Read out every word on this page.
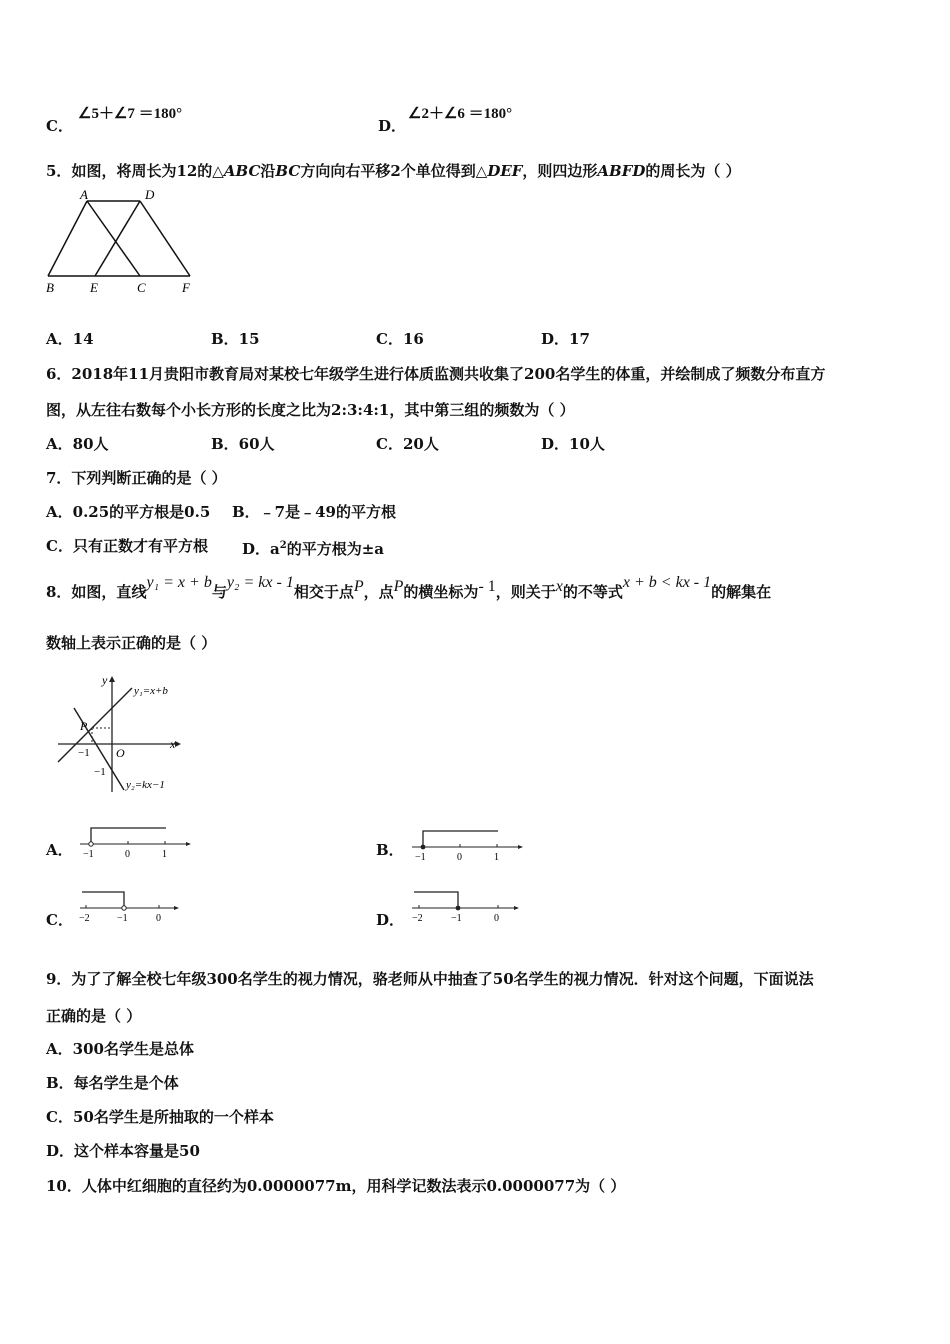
C．
∠5＋∠7 ＝180°
D．
∠2＋∠6 ＝180°
5．如图，将周长为12的△ABC沿BC方向向右平移2个单位得到△DEF，则四边形ABFD的周长为（ ）
A	D
B	E	C	F
A．14	B．15	C．16	D．17
6．2018年11月贵阳市教育局对某校七年级学生进行体质监测共收集了200名学生的体重，并绘制成了频数分布直方
图，从左往右数每个小长方形的长度之比为2:3:4:1，其中第三组的频数为（ ）
A．80人	B．60人	C．20人	D．10人
7．下列判断正确的是（ ）
A．0.25的平方根是0.5 B．﹣7是﹣49的平方根
C．只有正数才有平方根 D．$a^2$的平方根为±a
8．如图，直线y₁ = x + b与y₂ = kx - 1相交于点P，点P的横坐标为- 1，则关于x的不等式x + b < kx - 1的解集在
数轴上表示正确的是（ ）
y
x
O
P
−1
−1
y₁=x+b
y₂=kx−1
A． −1	0	1	B． −1	0	1
C． −2	−1	0	D． −2	−1	0
9．为了了解全校七年级300名学生的视力情况，骆老师从中抽查了50名学生的视力情况．针对这个问题，下面说法
正确的是（ ）
A．300名学生是总体
B．每名学生是个体
C．50名学生是所抽取的一个样本
D．这个样本容量是50
10．人体中红细胞的直径约为0.0000077m，用科学记数法表示0.0000077为（ ）
